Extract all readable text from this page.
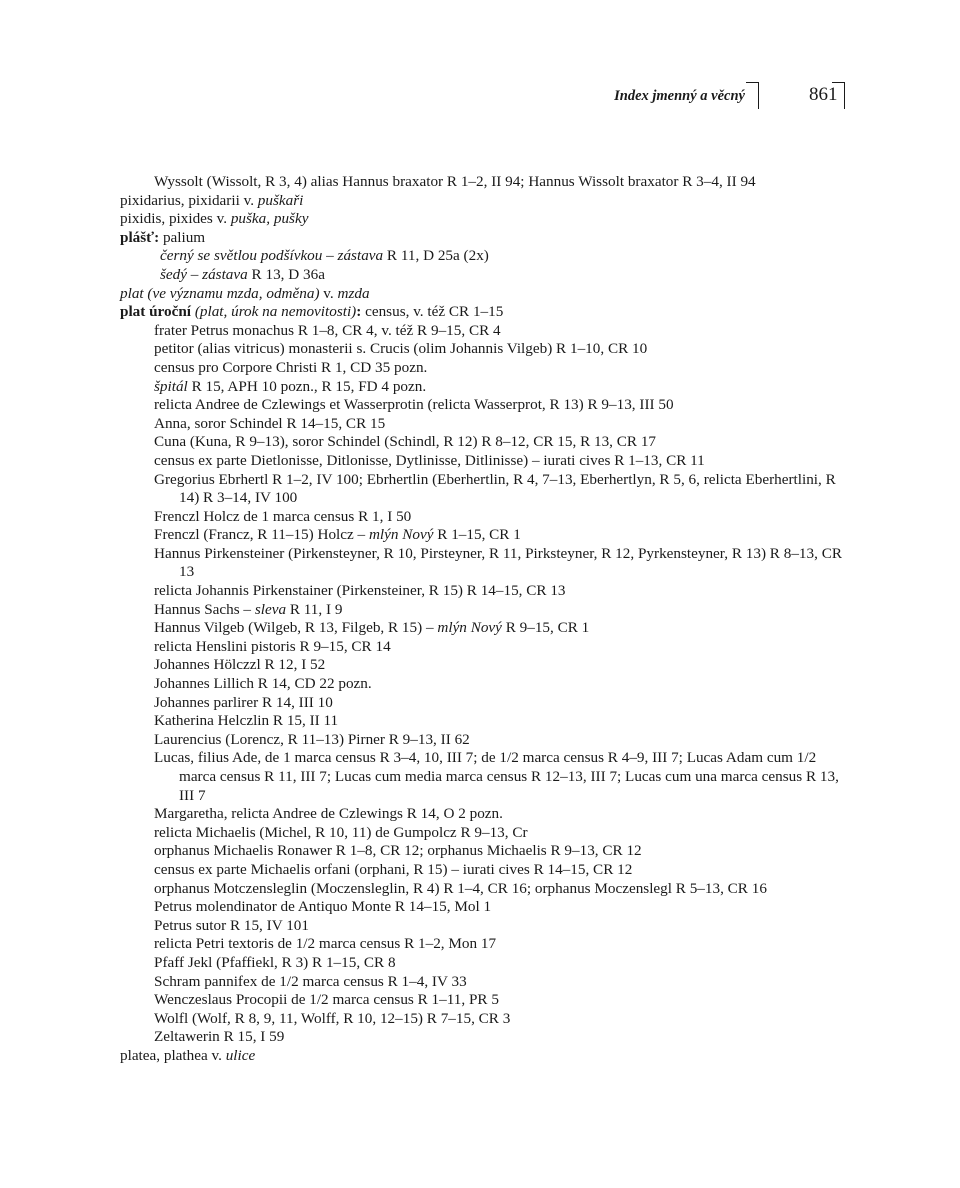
Index jmenný a věcný	861

Wyssolt (Wissolt, R 3, 4) alias Hannus braxator R 1–2, II 94; Hannus Wissolt braxator R 3–4, II 94

pixidarius, pixidarii v. puškaři

pixidis, pixides v. puška, pušky

plášť: palium

černý se světlou podšívkou – zástava R 11, D 25a (2x)

šedý – zástava R 13, D 36a

plat (ve významu mzda, odměna) v. mzda

plat úroční (plat, úrok na nemovitosti): census, v. též CR 1–15

frater Petrus monachus R 1–8, CR 4, v. též R 9–15, CR 4

petitor (alias vitricus) monasterii s. Crucis (olim Johannis Vilgeb) R 1–10, CR 10

census pro Corpore Christi R 1, CD 35 pozn.

špitál R 15, APH 10 pozn., R 15, FD 4 pozn.

relicta Andree de Czlewings et Wasserprotin (relicta Wasserprot, R 13) R 9–13, III 50

Anna, soror Schindel R 14–15, CR 15

Cuna (Kuna, R 9–13), soror Schindel (Schindl, R 12) R 8–12, CR 15, R 13, CR 17

census ex parte Dietlonisse, Ditlonisse, Dytlinisse, Ditlinisse) – iurati cives R 1–13, CR 11

Gregorius Ebrhertl R 1–2, IV 100; Ebrhertlin (Eberhertlin, R 4, 7–13, Eberhertlyn, R 5, 6, relicta Eberhertlini, R 14) R 3–14, IV 100

Frenczl Holcz de 1 marca census R 1, I 50

Frenczl (Francz, R 11–15) Holcz – mlýn Nový R 1–15, CR 1

Hannus Pirkensteiner (Pirkensteyner, R 10, Pirsteyner, R 11, Pirksteyner, R 12, Pyrkensteyner, R 13) R 8–13, CR 13

relicta Johannis Pirkenstainer (Pirkensteiner, R 15) R 14–15, CR 13

Hannus Sachs – sleva R 11, I 9

Hannus Vilgeb (Wilgeb, R 13, Filgeb, R 15) – mlýn Nový R 9–15, CR 1

relicta Henslini pistoris R 9–15, CR 14

Johannes Hölczzl R 12, I 52

Johannes Lillich R 14, CD 22 pozn.

Johannes parlirer R 14, III 10

Katherina Helczlin R 15, II 11

Laurencius (Lorencz, R 11–13) Pirner R 9–13, II 62

Lucas, filius Ade, de 1 marca census R 3–4, 10, III 7; de 1/2 marca census R 4–9, III 7; Lucas Adam cum 1/2 marca census R 11, III 7; Lucas cum media marca census R 12–13, III 7; Lucas cum una marca census R 13, III 7

Margaretha, relicta Andree de Czlewings R 14, O 2 pozn.

relicta Michaelis (Michel, R 10, 11) de Gumpolcz R 9–13, Cr

orphanus Michaelis Ronawer R 1–8, CR 12; orphanus Michaelis R 9–13, CR 12

census ex parte Michaelis orfani (orphani, R 15) – iurati cives R 14–15, CR 12

orphanus Motczensleglin (Moczensleglin, R 4) R 1–4, CR 16; orphanus Moczenslegl R 5–13, CR 16

Petrus molendinator de Antiquo Monte R 14–15, Mol 1

Petrus sutor R 15, IV 101

relicta Petri textoris de 1/2 marca census R 1–2, Mon 17

Pfaff Jekl (Pfaffiekl, R 3) R 1–15, CR 8

Schram pannifex de 1/2 marca census R 1–4, IV 33

Wenczeslaus Procopii de 1/2 marca census R 1–11, PR 5

Wolfl (Wolf, R 8, 9, 11, Wolff, R 10, 12–15) R 7–15, CR 3

Zeltawerin R 15, I 59

platea, plathea v. ulice
